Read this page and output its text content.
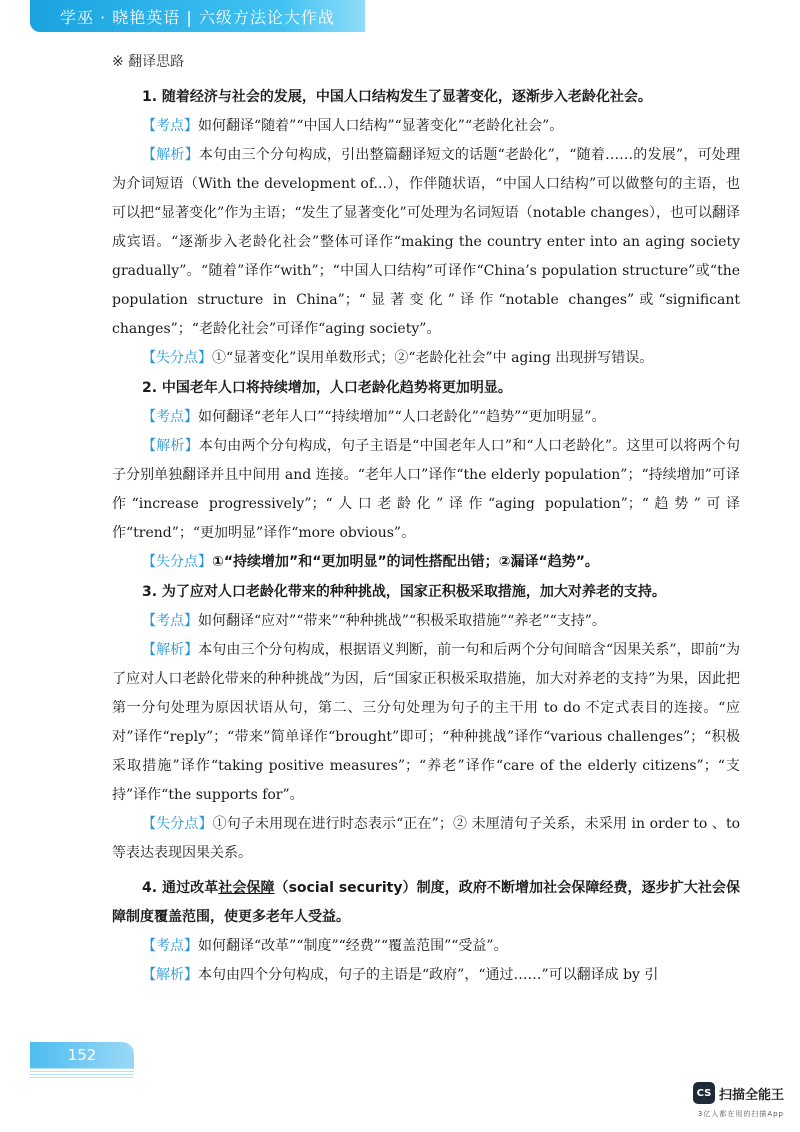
学巫 · 晓艳英语 | 六级方法论大作战
※ 翻译思路

1. 随着经济与社会的发展，中国人口结构发生了显著变化，逐渐步入老龄化社会。

【 考点 】 如何翻译“随着”“中国人口结构”“显著变化”“老龄化社会”。

【 解析 】 本句由三个分句构成，引出整篇翻译短文的话题“老龄化”，“随着……的发展”，可处理为介词短语（With the development of...），作伴随状语，“中国人口结构”可以做整句的主语，也可以把“显著变化”作为主语；“发生了显著变化”可处理为名词短语（notable changes），也可以翻译成宾语。“逐渐步入老龄化社会”整体可译作“making the country enter into an aging society gradually”。“随着”译作“with”；“中国人口结构”可译作“China’s population structure”或“the population structure in China”；“显著变化”译作“notable changes”或“significant changes”；“老龄化社会”可译作“aging society”。

【 失分点 】 ①“显著变化”误用单数形式；②“老龄化社会”中 aging 出现拼写错误。

2. 中国老年人口将持续增加，人口老龄化趋势将更加明显。

【 考点 】 如何翻译“老年人口”“持续增加”“人口老龄化”“趋势”“更加明显”。

【 解析 】 本句由两个分句构成，句子主语是“中国老年人口”和“人口老龄化”。这里可以将两个句子分别单独翻译并且中间用 and 连接。“老年人口”译作“the elderly population”；“持续增加”可译作“increase progressively”；“人口老龄化”译作“aging population”；“趋势”可译作“trend”；“更加明显”译作“more obvious”。

【 失分点 】 ①“持续增加”和“更加明显”的词性搭配出错；②漏译“趋势”。

3. 为了应对人口老龄化带来的种种挑战，国家正积极采取措施，加大对养老的支持。

【 考点 】 如何翻译“应对”“带来”“种种挑战”“积极采取措施”“养老”“支持”。

【 解析 】 本句由三个分句构成，根据语义判断，前一句和后两个分句间暗含“因果关系”，即前“为了应对人口老龄化带来的种种挑战”为因，后“国家正积极采取措施，加大对养老的支持”为果，因此把第一分句处理为原因状语从句，第二、三分句处理为句子的主干用 to do 不定式表目的连接。“应对”译作“reply”；“带来”简单译作“brought”即可；“种种挑战”译作“various challenges”；“积极采取措施”译作“taking positive measures”；“养老”译作“care of the elderly citizens”；“支持”译作“the supports for”。

【 失分点 】 ①句子未用现在进行时态表示“正在”；② 未厘清句子关系，未采用 in order to 、to 等表达表现因果关系。

4. 通过改革社会保障（social security）制度，政府不断增加社会保障经费，逐步扩大社会保障制度覆盖范围，使更多老年人受益。

【 考点 】 如何翻译“改革”“制度”“经费”“覆盖范围”“受益”。

【 解析 】 本句由四个分句构成，句子的主语是“政府”，“通过……”可以翻译成 by 引

152
CS 扫描全能王
3亿人都在用的扫描App
